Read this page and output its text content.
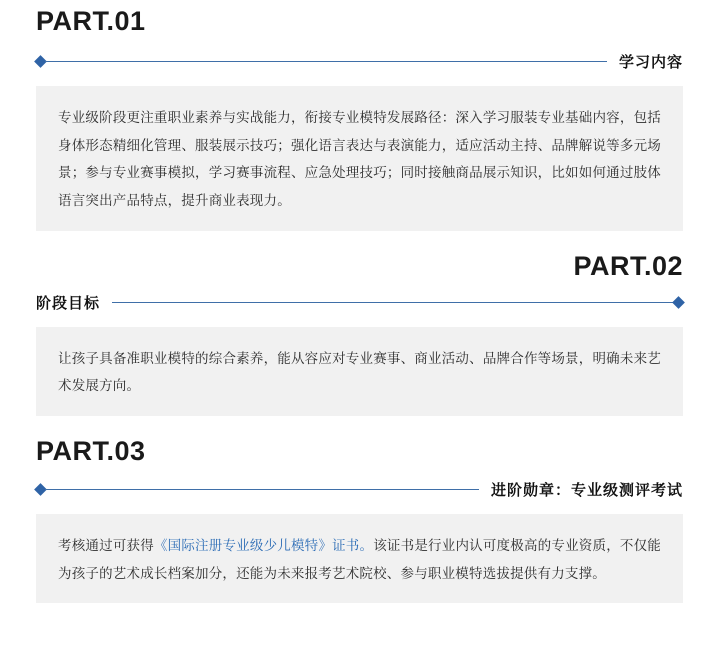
PART.01
学习内容

专业级阶段更注重职业素养与实战能力，衔接专业模特发展路径：深入学习服装专业基础内容，包括身体形态精细化管理、服装展示技巧；强化语言表达与表演能力，适应活动主持、品牌解说等多元场景；参与专业赛事模拟，学习赛事流程、应急处理技巧；同时接触商品展示知识，比如如何通过肢体语言突出产品特点，提升商业表现力。

PART.02
阶段目标

让孩子具备准职业模特的综合素养，能从容应对专业赛事、商业活动、品牌合作等场景，明确未来艺术发展方向。

PART.03
进阶勋章：专业级测评考试

考核通过可获得《国际注册专业级少儿模特》证书。该证书是行业内认可度极高的专业资质，不仅能为孩子的艺术成长档案加分，还能为未来报考艺术院校、参与职业模特选拔提供有力支撑。
